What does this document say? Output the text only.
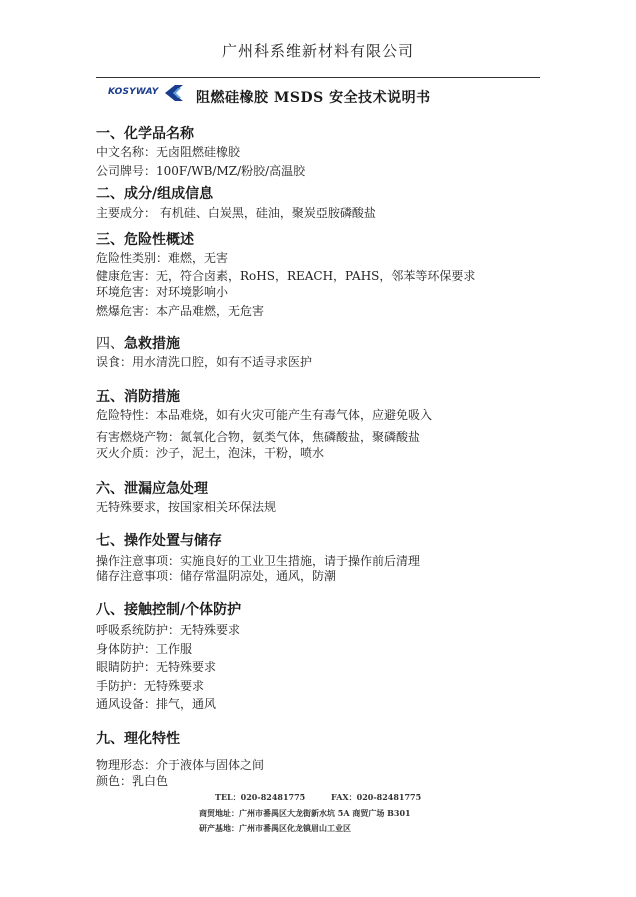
广州科系维新材料有限公司
KOSYWAY	阻燃硅橡胶 MSDS 安全技术说明书
一、化学品名称
中文名称：无卤阻燃硅橡胶
公司牌号：100F/WB/MZ/粉胶/高温胶
二、成分/组成信息
主要成分： 有机硅、白炭黑，硅油，聚炭亞胺磷酸盐
三、危险性概述
危险性类别：难燃，无害
健康危害：无，符合卤素，RoHS，REACH，PAHS，邻苯等环保要求
环境危害：对环境影响小
燃爆危害：本产品难燃，无危害
四、急救措施
误食：用水清洗口腔，如有不适寻求医护
五、消防措施
危险特性：本品难烧，如有火灾可能产生有毒气体，应避免吸入
有害燃烧产物：氮氧化合物，氨类气体，焦磷酸盐，聚磷酸盐
灭火介质：沙子，泥土，泡沫，干粉，喷水
六、泄漏应急处理
无特殊要求，按国家相关环保法规
七、操作处置与储存
操作注意事项：实施良好的工业卫生措施，请于操作前后清理
储存注意事项：储存常温阴凉处，通风，防潮
八、接触控制/个体防护
呼吸系统防护：无特殊要求
身体防护：工作服
眼睛防护：无特殊要求
手防护：无特殊要求
通风设备：排气，通风
九、理化特性
物理形态：介于液体与固体之间
颜色：乳白色
TEL：020-82481775	FAX：020-82481775
商贸地址：广州市番禺区大龙街新水坑 5A 商贸广场 B301
研产基地：广州市番禺区化龙镇眉山工业区
